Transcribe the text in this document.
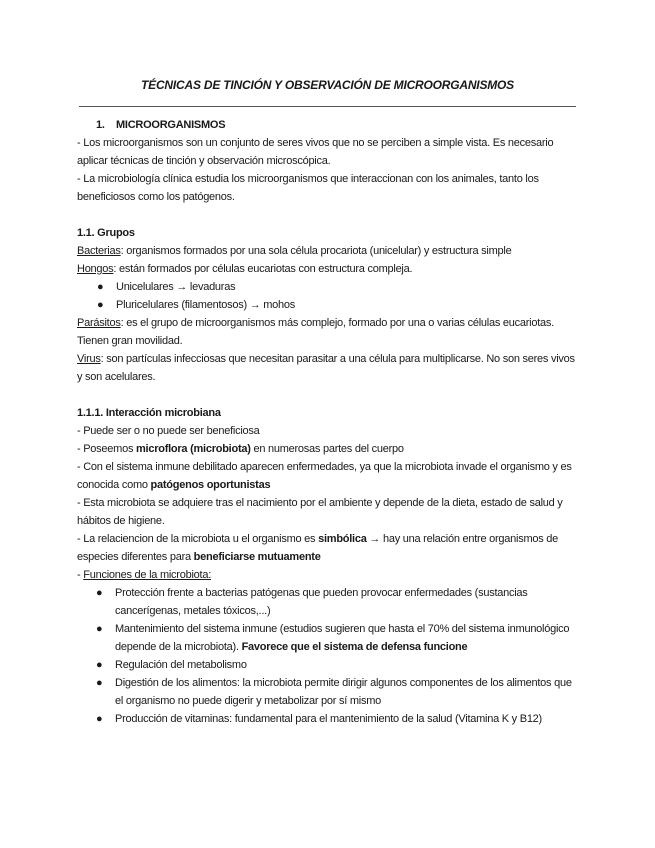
TÉCNICAS DE TINCIÓN Y OBSERVACIÓN DE MICROORGANISMOS

1. MICROORGANISMOS

- Los microorganismos son un conjunto de seres vivos que no se perciben a simple vista. Es necesario aplicar técnicas de tinción y observación microscópica.

- La microbiología clínica estudia los microorganismos que interaccionan con los animales, tanto los beneficiosos como los patógenos.

1.1. Grupos

Bacterias: organismos formados por una sola célula procariota (unicelular) y estructura simple

Hongos: están formados por células eucariotas con estructura compleja.

● Unicelulares → levaduras
● Pluricelulares (filamentosos) → mohos

Parásitos: es el grupo de microorganismos más complejo, formado por una o varias células eucariotas. Tienen gran movilidad.

Virus: son partículas infecciosas que necesitan parasitar a una célula para multiplicarse. No son seres vivos y son acelulares.

1.1.1. Interacción microbiana

- Puede ser o no puede ser beneficiosa

- Poseemos microflora (microbiota) en numerosas partes del cuerpo

- Con el sistema inmune debilitado aparecen enfermedades, ya que la microbiota invade el organismo y es conocida como patógenos oportunistas

- Esta microbiota se adquiere tras el nacimiento por el ambiente y depende de la dieta, estado de salud y hábitos de higiene.

- La relaciencion de la microbiota u el organismo es simbólica → hay una relación entre organismos de especies diferentes para beneficiarse mutuamente

- Funciones de la microbiota:

● Protección frente a bacterias patógenas que pueden provocar enfermedades (sustancias cancerígenas, metales tóxicos,...)
● Mantenimiento del sistema inmune (estudios sugieren que hasta el 70% del sistema inmunológico depende de la microbiota). Favorece que el sistema de defensa funcione
● Regulación del metabolismo
● Digestión de los alimentos: la microbiota permite dirigir algunos componentes de los alimentos que el organismo no puede digerir y metabolizar por sí mismo
● Producción de vitaminas: fundamental para el mantenimiento de la salud (Vitamina K y B12)
